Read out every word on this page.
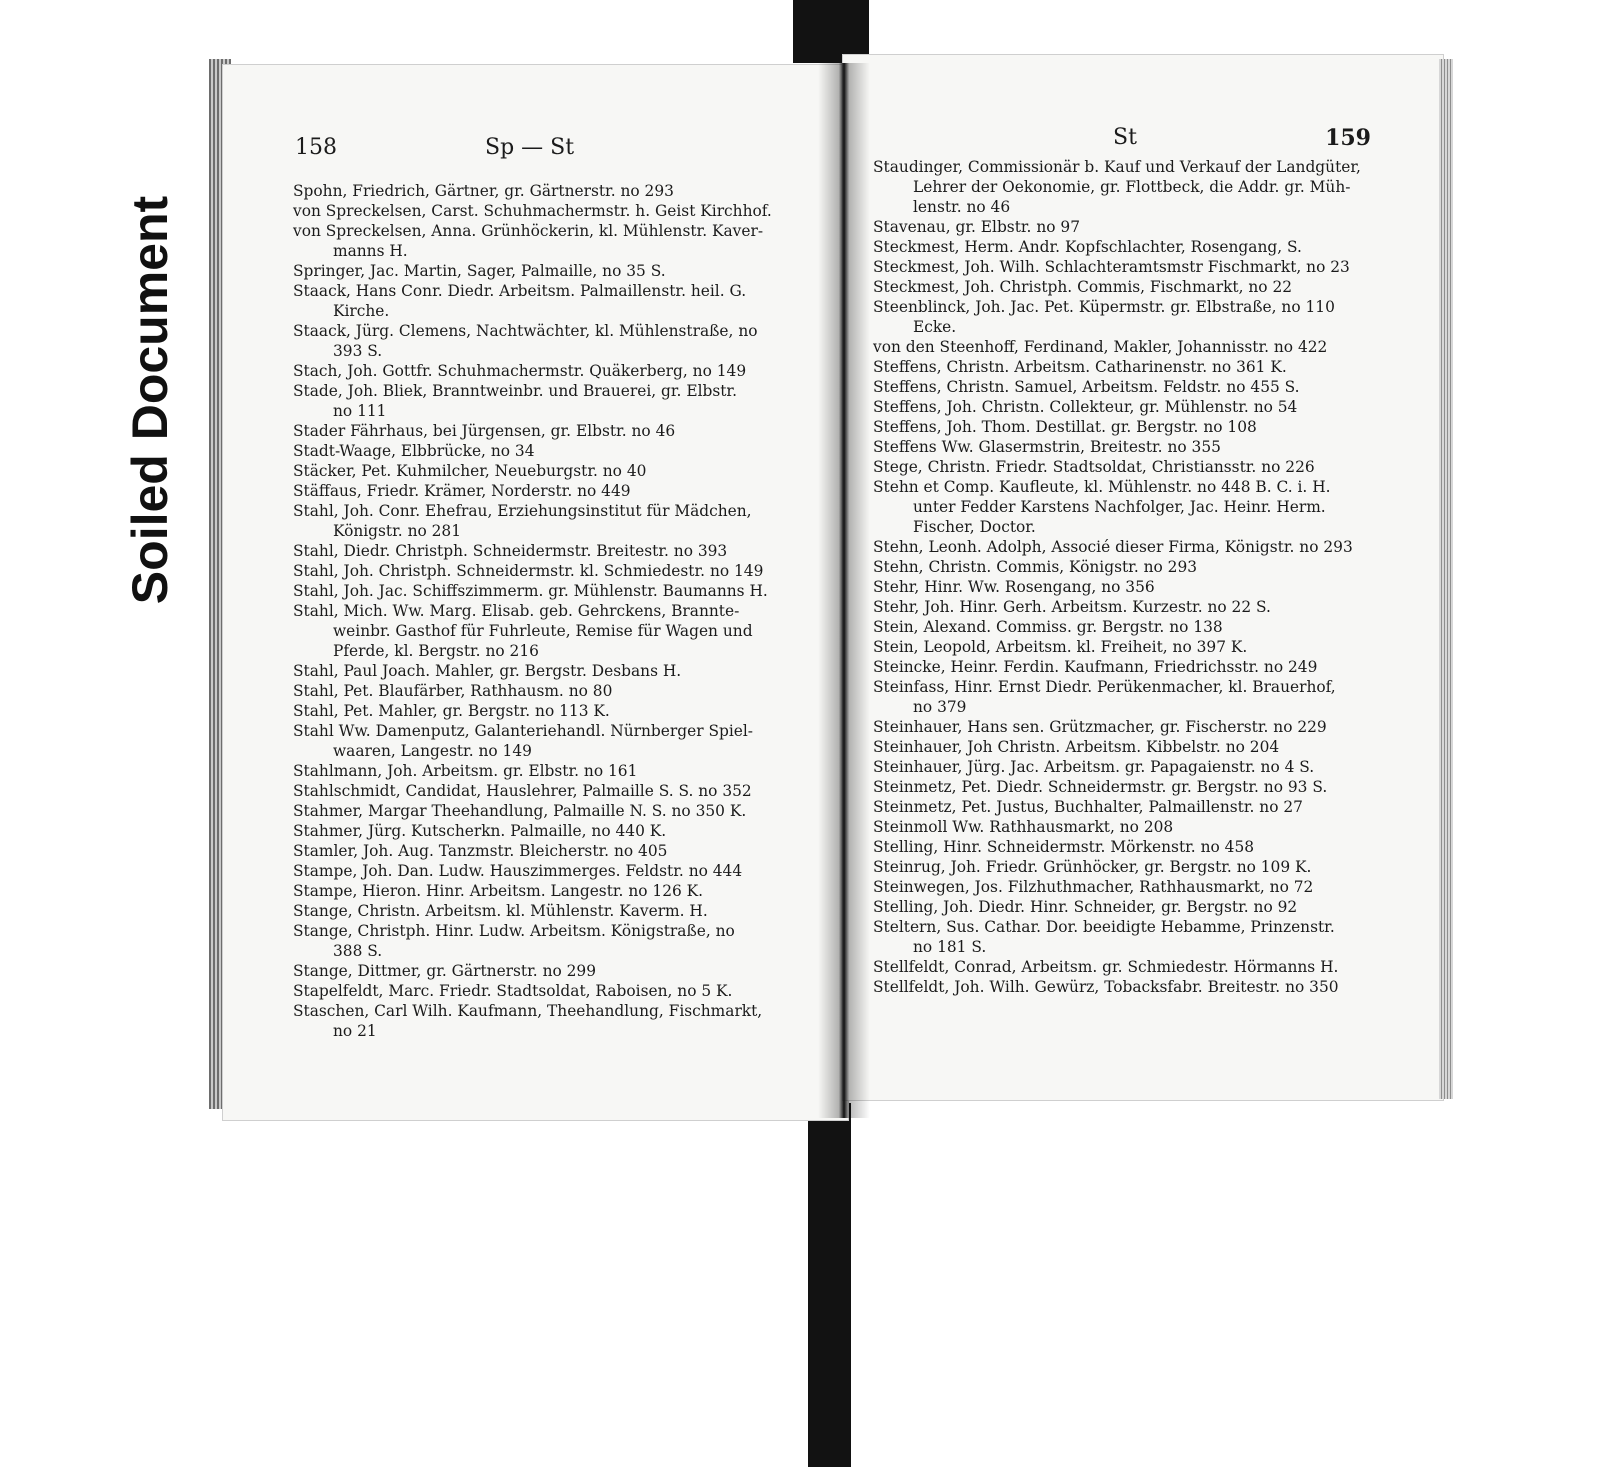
Soiled Document
158	Sp — St
Spohn, Friedrich, Gärtner, gr. Gärtnerstr. no 293
von Spreckelsen, Carst. Schuhmachermstr. h. Geist Kirchhof.
von Spreckelsen, Anna. Grünhöckerin, kl. Mühlenstr. Kaver-
manns H.
Springer, Jac. Martin, Sager, Palmaille, no 35 S.
Staack, Hans Conr. Diedr. Arbeitsm. Palmaillenstr. heil. G.
Kirche.
Staack, Jürg. Clemens, Nachtwächter, kl. Mühlenstraße, no
393 S.
Stach, Joh. Gottfr. Schuhmachermstr. Quäkerberg, no 149
Stade, Joh. Bliek, Branntweinbr. und Brauerei, gr. Elbstr.
no 111
Stader Fährhaus, bei Jürgensen, gr. Elbstr. no 46
Stadt-Waage, Elbbrücke, no 34
Stäcker, Pet. Kuhmilcher, Neueburgstr. no 40
Stäffaus, Friedr. Krämer, Norderstr. no 449
Stahl, Joh. Conr. Ehefrau, Erziehungsinstitut für Mädchen,
Königstr. no 281
Stahl, Diedr. Christph. Schneidermstr. Breitestr. no 393
Stahl, Joh. Christph. Schneidermstr. kl. Schmiedestr. no 149
Stahl, Joh. Jac. Schiffszimmerm. gr. Mühlenstr. Baumanns H.
Stahl, Mich. Ww. Marg. Elisab. geb. Gehrckens, Brannte-
weinbr. Gasthof für Fuhrleute, Remise für Wagen und
Pferde, kl. Bergstr. no 216
Stahl, Paul Joach. Mahler, gr. Bergstr. Desbans H.
Stahl, Pet. Blaufärber, Rathhausm. no 80
Stahl, Pet. Mahler, gr. Bergstr. no 113 K.
Stahl Ww. Damenputz, Galanteriehandl. Nürnberger Spiel-
waaren, Langestr. no 149
Stahlmann, Joh. Arbeitsm. gr. Elbstr. no 161
Stahlschmidt, Candidat, Hauslehrer, Palmaille S. S. no 352
Stahmer, Margar Theehandlung, Palmaille N. S. no 350 K.
Stahmer, Jürg. Kutscherkn. Palmaille, no 440 K.
Stamler, Joh. Aug. Tanzmstr. Bleicherstr. no 405
Stampe, Joh. Dan. Ludw. Hauszimmerges. Feldstr. no 444
Stampe, Hieron. Hinr. Arbeitsm. Langestr. no 126 K.
Stange, Christn. Arbeitsm. kl. Mühlenstr. Kaverm. H.
Stange, Christph. Hinr. Ludw. Arbeitsm. Königstraße, no
388 S.
Stange, Dittmer, gr. Gärtnerstr. no 299
Stapelfeldt, Marc. Friedr. Stadtsoldat, Raboisen, no 5 K.
Staschen, Carl Wilh. Kaufmann, Theehandlung, Fischmarkt,
no 21
St	159
Staudinger, Commissionär b. Kauf und Verkauf der Landgüter,
Lehrer der Oekonomie, gr. Flottbeck, die Addr. gr. Müh-
lenstr. no 46
Stavenau, gr. Elbstr. no 97
Steckmest, Herm. Andr. Kopfschlachter, Rosengang, S.
Steckmest, Joh. Wilh. Schlachteramtsmstr Fischmarkt, no 23
Steckmest, Joh. Christph. Commis, Fischmarkt, no 22
Steenblinck, Joh. Jac. Pet. Küpermstr. gr. Elbstraße, no 110
Ecke.
von den Steenhoff, Ferdinand, Makler, Johannisstr. no 422
Steffens, Christn. Arbeitsm. Catharinenstr. no 361 K.
Steffens, Christn. Samuel, Arbeitsm. Feldstr. no 455 S.
Steffens, Joh. Christn. Collekteur, gr. Mühlenstr. no 54
Steffens, Joh. Thom. Destillat. gr. Bergstr. no 108
Steffens Ww. Glasermstrin, Breitestr. no 355
Stege, Christn. Friedr. Stadtsoldat, Christiansstr. no 226
Stehn et Comp. Kaufleute, kl. Mühlenstr. no 448 B. C. i. H.
unter Fedder Karstens Nachfolger, Jac. Heinr. Herm.
Fischer, Doctor.
Stehn, Leonh. Adolph, Associé dieser Firma, Königstr. no 293
Stehn, Christn. Commis, Königstr. no 293
Stehr, Hinr. Ww. Rosengang, no 356
Stehr, Joh. Hinr. Gerh. Arbeitsm. Kurzestr. no 22 S.
Stein, Alexand. Commiss. gr. Bergstr. no 138
Stein, Leopold, Arbeitsm. kl. Freiheit, no 397 K.
Steincke, Heinr. Ferdin. Kaufmann, Friedrichsstr. no 249
Steinfass, Hinr. Ernst Diedr. Perükenmacher, kl. Brauerhof,
no 379
Steinhauer, Hans sen. Grützmacher, gr. Fischerstr. no 229
Steinhauer, Joh Christn. Arbeitsm. Kibbelstr. no 204
Steinhauer, Jürg. Jac. Arbeitsm. gr. Papagaienstr. no 4 S.
Steinmetz, Pet. Diedr. Schneidermstr. gr. Bergstr. no 93 S.
Steinmetz, Pet. Justus, Buchhalter, Palmaillenstr. no 27
Steinmoll Ww. Rathhausmarkt, no 208
Stelling, Hinr. Schneidermstr. Mörkenstr. no 458
Steinrug, Joh. Friedr. Grünhöcker, gr. Bergstr. no 109 K.
Steinwegen, Jos. Filzhuthmacher, Rathhausmarkt, no 72
Stelling, Joh. Diedr. Hinr. Schneider, gr. Bergstr. no 92
Steltern, Sus. Cathar. Dor. beeidigte Hebamme, Prinzenstr.
no 181 S.
Stellfeldt, Conrad, Arbeitsm. gr. Schmiedestr. Hörmanns H.
Stellfeldt, Joh. Wilh. Gewürz, Tobacksfabr. Breitestr. no 350
